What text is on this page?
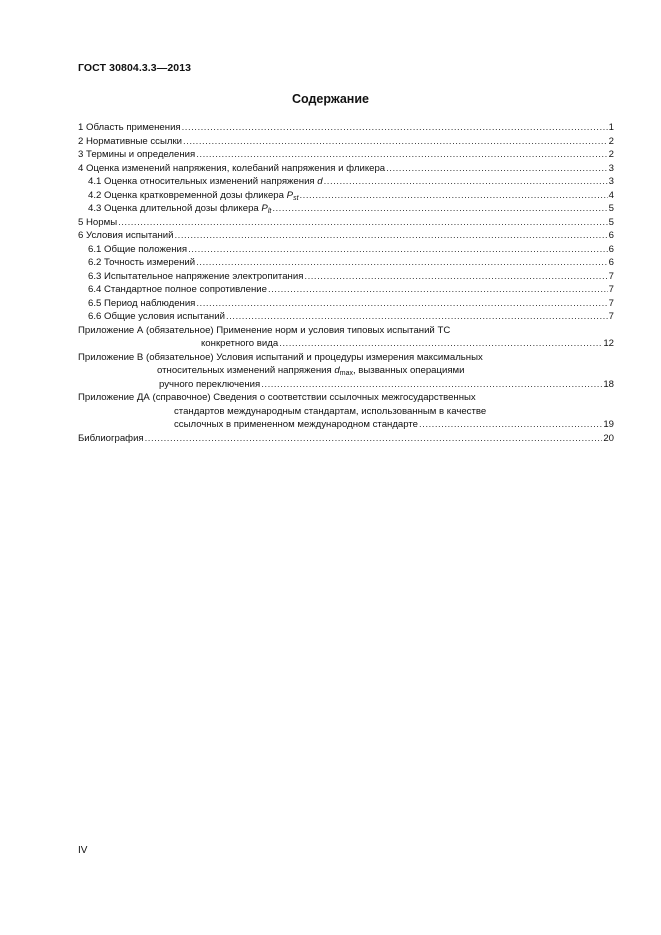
ГОСТ 30804.3.3—2013
Содержание
1 Область применения .....	1
2 Нормативные ссылки .....	2
3 Термины и определения .....	2
4 Оценка изменений напряжения, колебаний напряжения и фликера .....	3
4.1 Оценка относительных изменений напряжения d .....	3
4.2 Оценка кратковременной дозы фликера $P_{st}$ .....	4
4.3 Оценка длительной дозы фликера $P_{lt}$ .....	5
5 Нормы .....	5
6 Условия испытаний .....	6
6.1 Общие положения .....	6
6.2 Точность измерений .....	6
6.3 Испытательное напряжение электропитания .....	7
6.4 Стандартное полное сопротивление .....	7
6.5 Период наблюдения .....	7
6.6 Общие условия испытаний .....	7
Приложение А (обязательное) Применение норм и условия типовых испытаний ТС
конкретного вида .....	12
Приложение В (обязательное) Условия испытаний и процедуры измерения максимальных
относительных изменений напряжения $d_{max}$, вызванных операциями
ручного переключения .....	18
Приложение ДА (справочное) Сведения о соответствии ссылочных межгосударственных
стандартов международным стандартам, использованным в качестве
ссылочных в примененном международном стандарте .....	19
Библиография .....	20
IV
